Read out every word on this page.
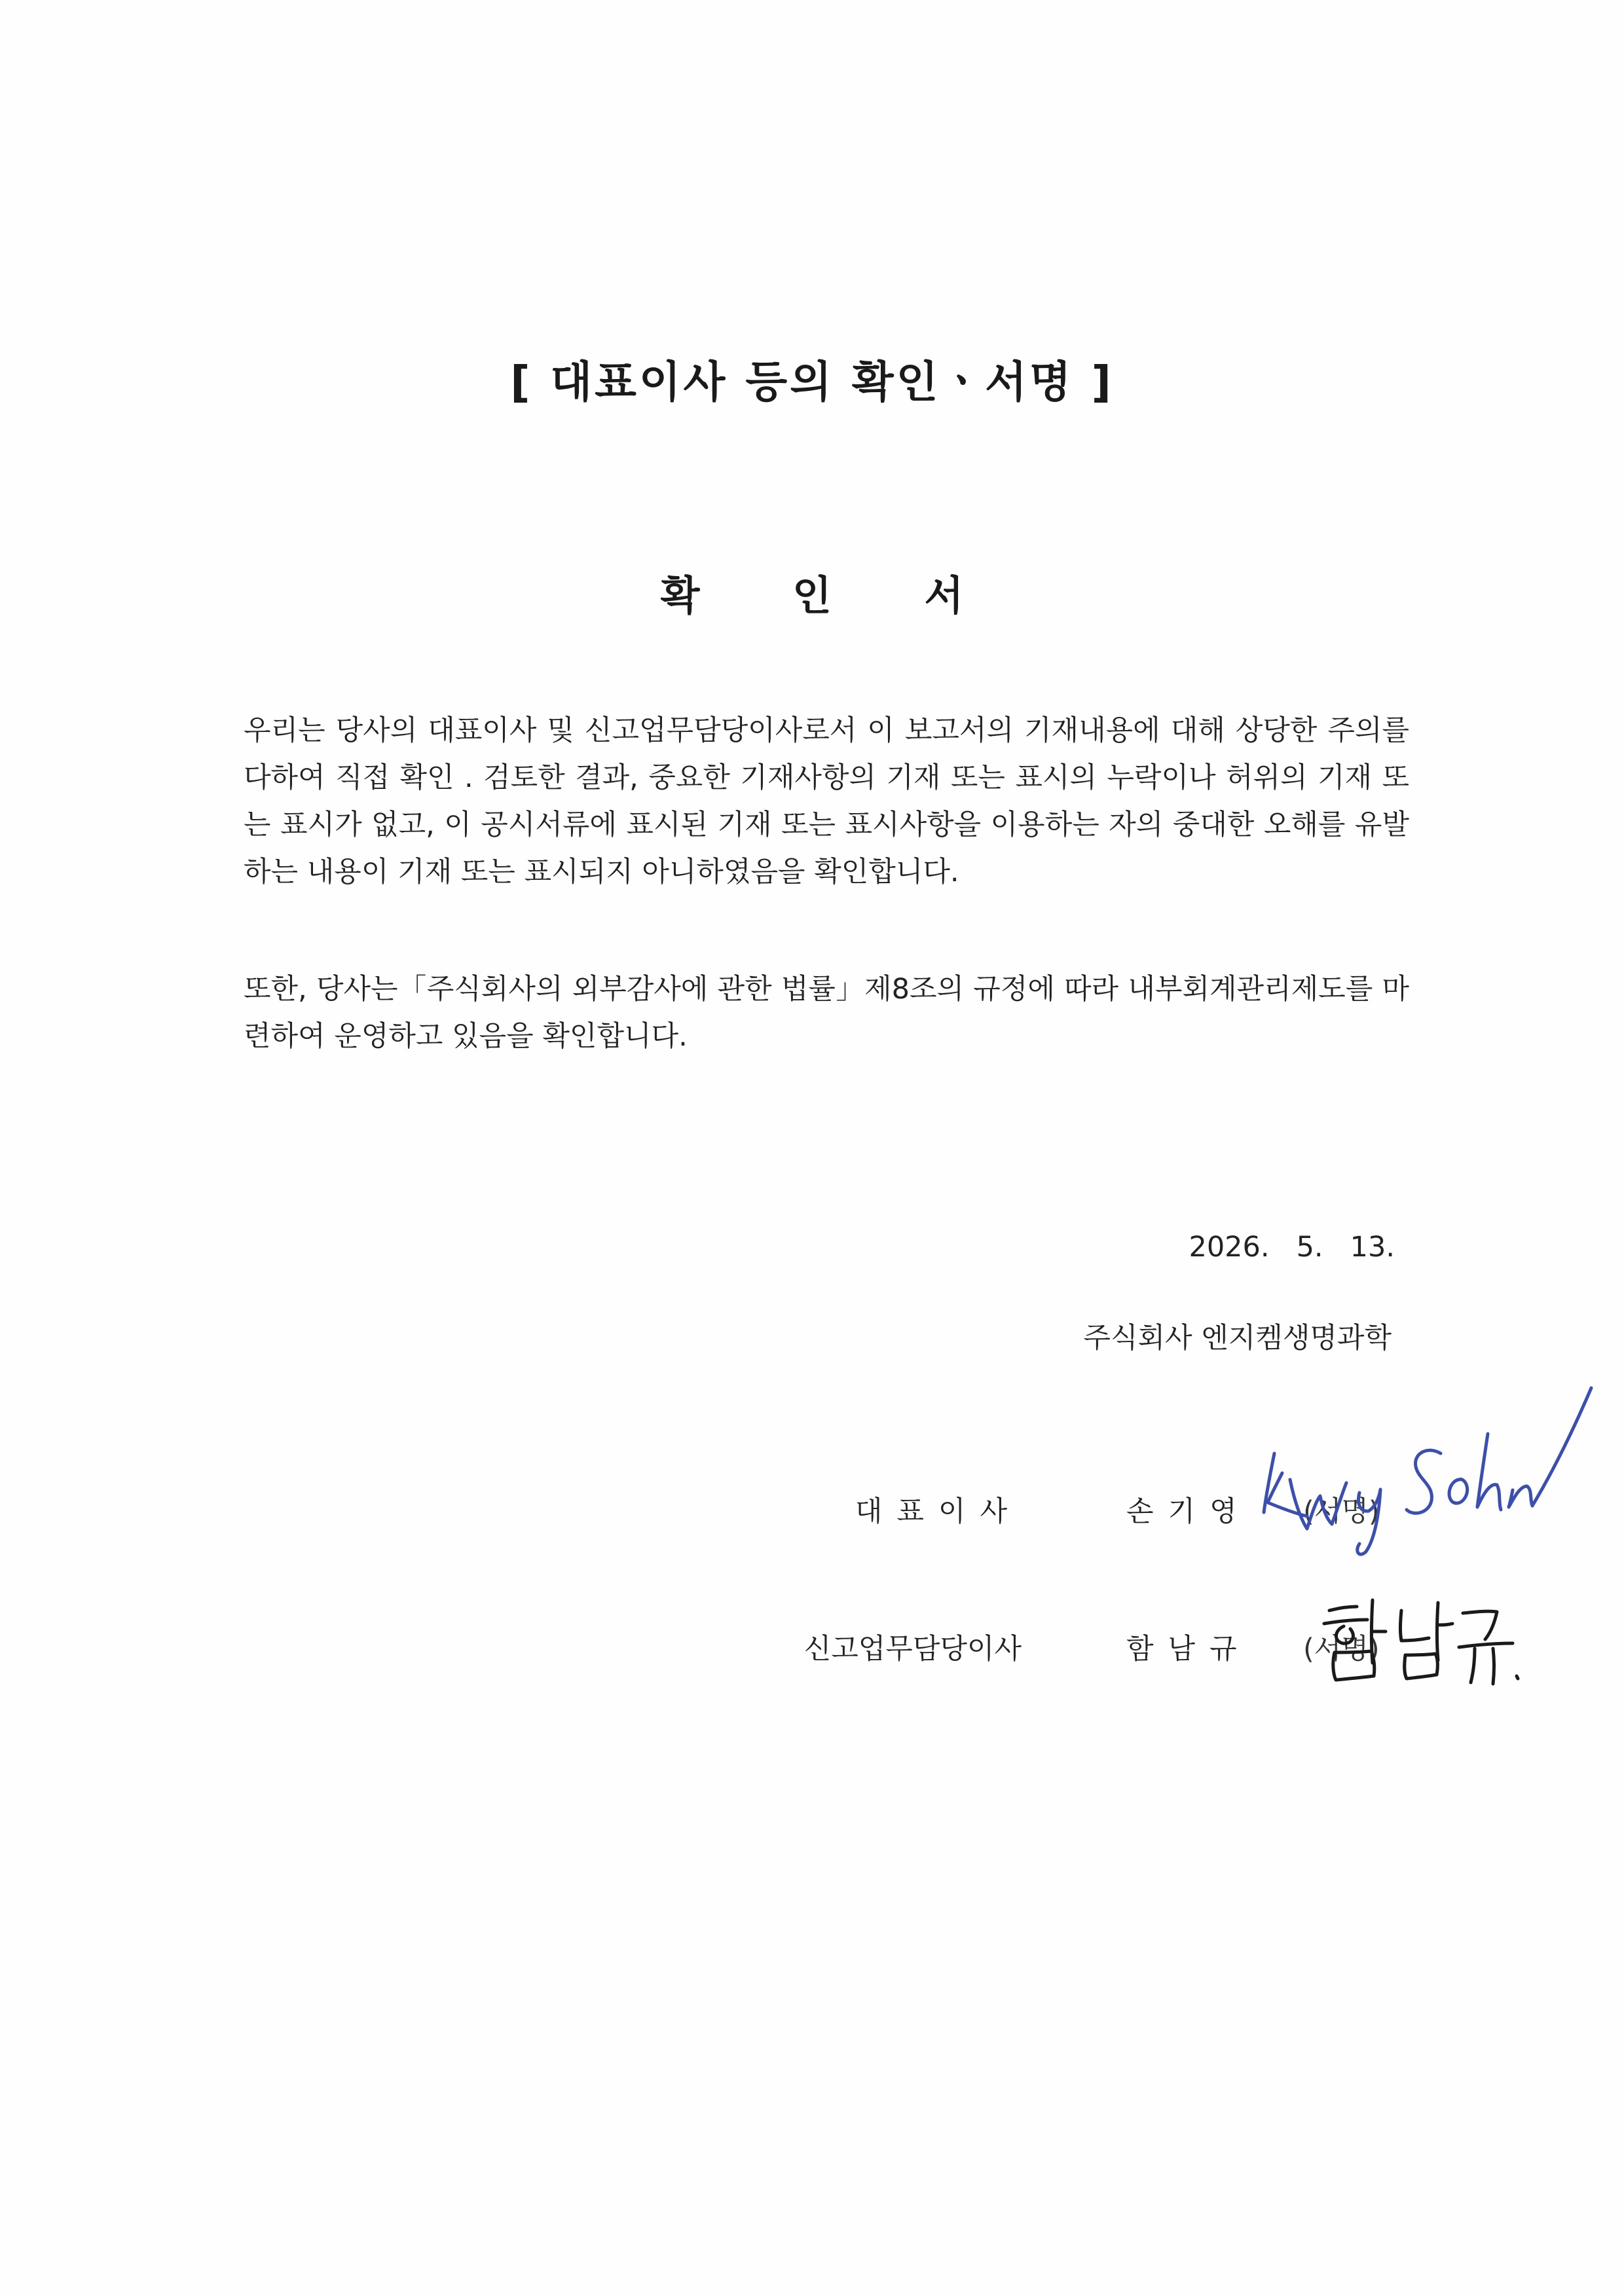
[ 대표이사 등의 확인ㆍ서명 ]
확 인 서

우리는 당사의 대표이사 및 신고업무담당이사로서 이 보고서의 기재내용에 대해 상당한 주의를 다하여 직접 확인 . 검토한 결과, 중요한 기재사항의 기재 또는 표시의 누락이나 허위의 기재 또는 표시가 없고, 이 공시서류에 표시된 기재 또는 표시사항을 이용하는 자의 중대한 오해를 유발하는 내용이 기재 또는 표시되지 아니하였음을 확인합니다.

또한, 당사는「주식회사의 외부감사에 관한 법률」제8조의 규정에 따라 내부회계관리제도를 마련하여 운영하고 있음을 확인합니다.

2026.   5.   13.
주식회사 엔지켐생명과학
대표이사	손기영 (서명)
신고업무담당이사	함남규 (서명)
